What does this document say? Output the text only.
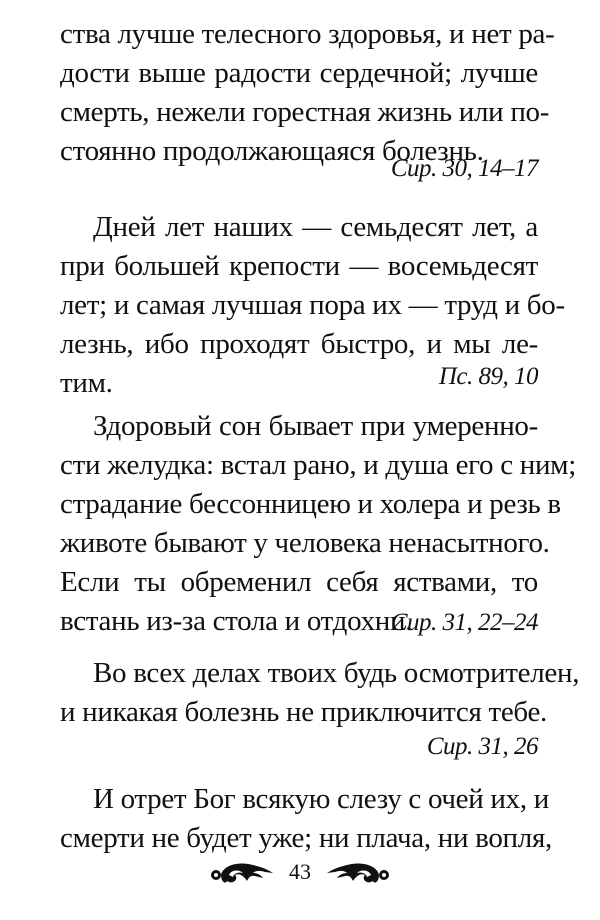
ства лучше телесного здоровья, и нет ра-
дости выше радости сердечной; лучше
смерть, нежели горестная жизнь или по-
стоянно продолжающаяся болезнь.
Сир. 30, 14–17
Дней лет наших — семьдесят лет, а
при большей крепости — восемьдесят
лет; и самая лучшая пора их — труд и бо-
лезнь, ибо проходят быстро, и мы ле-
тим.	Пс. 89, 10
Здоровый сон бывает при умеренно-
сти желудка: встал рано, и душа его с ним;
страдание бессонницею и холера и резь в
животе бывают у человека ненасытного.
Если ты обременил себя яствами, то
встань из-за стола и отдохни.
Сир. 31, 22–24
Во всех делах твоих будь осмотрителен,
и никакая болезнь не приключится тебе.
Сир. 31, 26
И отрет Бог всякую слезу с очей их, и
смерти не будет уже; ни плача, ни вопля,
43
